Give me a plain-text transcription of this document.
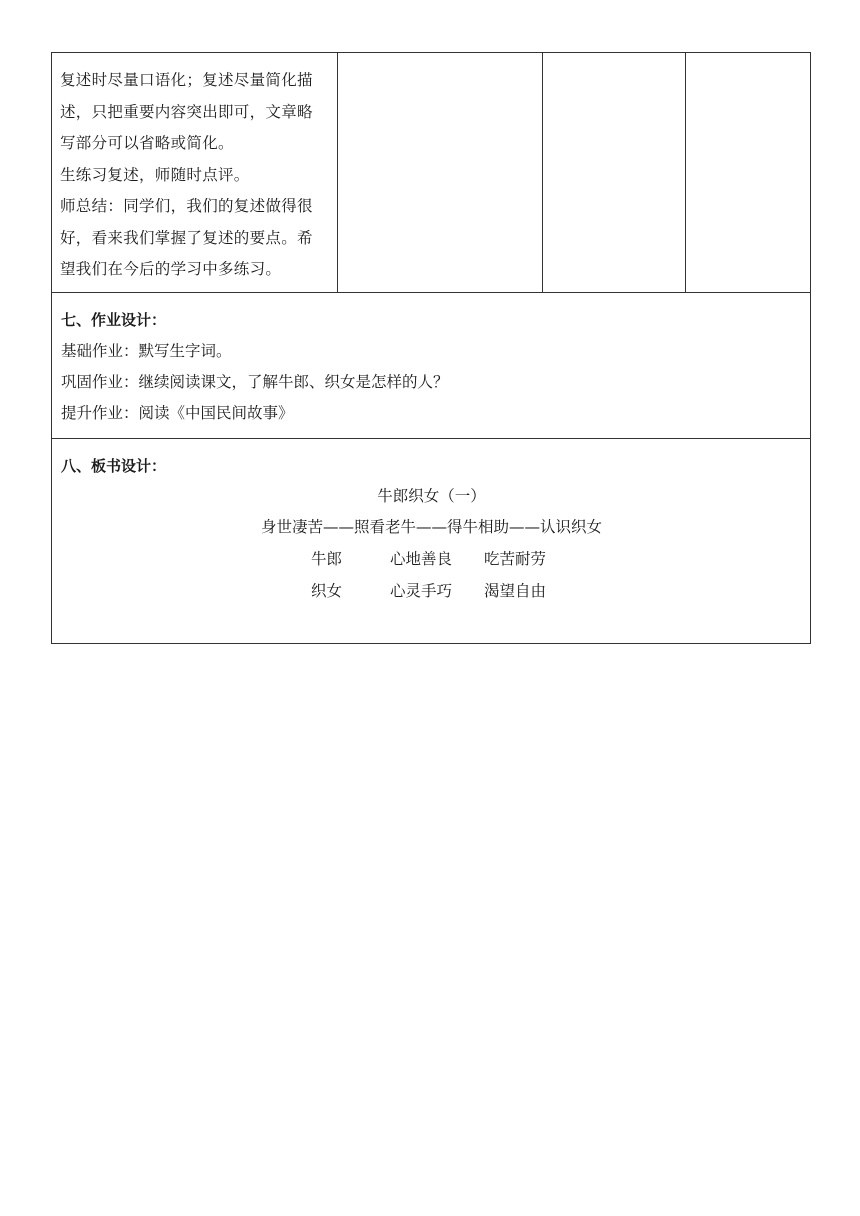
复述时尽量口语化；复述尽量简化描

述，只把重要内容突出即可，文章略

写部分可以省略或简化。

生练习复述，师随时点评。

师总结：同学们，我们的复述做得很

好，看来我们掌握了复述的要点。希

望我们在今后的学习中多练习。

七、作业设计：

基础作业：默写生字词。

巩固作业：继续阅读课文，了解牛郎、织女是怎样的人？

提升作业：阅读《中国民间故事》

八、板书设计：

牛郎织女（一）

身世凄苦——照看老牛——得牛相助——认识织女

牛郎	心地善良 吃苦耐劳
织女	心灵手巧 渴望自由
